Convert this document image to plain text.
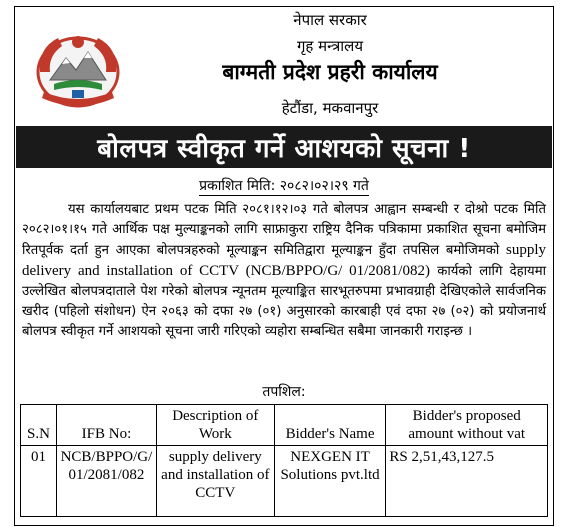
नेपाल सरकार
गृह मन्त्रालय
बाग्मती प्रदेश प्रहरी कार्यालय
हेटौंडा, मकवानपुर
बोलपत्र स्वीकृत गर्ने आशयको सूचना !
प्रकाशित मिति: २०८२।०२।२९ गते
यस कार्यालयबाट प्रथम पटक मिति २०८१।१२।०३ गते बोलपत्र आह्वान सम्बन्धी र दोश्रो पटक मिति २०८२।०१।१५ गते आर्थिक पक्ष मुल्याङ्कनको लागि साफ्राकुरा राष्ट्रिय दैनिक पत्रिकामा प्रकाशित सूचना बमोजिम रितपूर्वक दर्ता हुन आएका बोलपत्रहरुको मूल्याङ्कन समितिद्वारा मूल्याङ्कन हुँदा तपसिल बमोजिमको supply delivery and installation of CCTV (NCB/BPPO/G/ 01/2081/082) कार्यको लागि देहायमा उल्लेखित बोलपत्रदाताले पेश गरेको बोलपत्र न्यूनतम मूल्याङ्कित सारभूतरुपमा प्रभावग्राही देखिएकोले सार्वजनिक खरीद (पहिलो संशोधन) ऐन २०६३ को दफा २७ (०१) अनुसारको कारबाही एवं दफा २७ (०२) को प्रयोजनार्थ बोलपत्र स्वीकृत गर्ने आशयको सूचना जारी गरिएको व्यहोरा सम्बन्धित सबैमा जानकारी गराइन्छ ।
तपशिल:
S.N	IFB No:	Description of Work	Bidder's Name	Bidder's proposed amount without vat
01	NCB/BPPO/G/ 01/2081/082	supply delivery and installation of CCTV	NEXGEN IT Solutions pvt.ltd	RS 2,51,43,127.5
